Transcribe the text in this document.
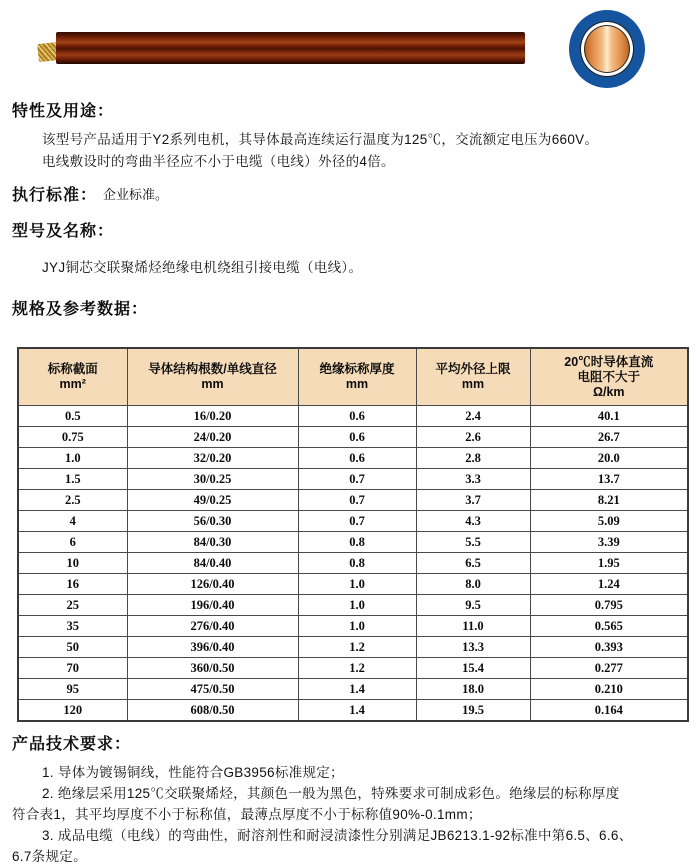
特性及用途：
该型号产品适用于Y2系列电机，其导体最高连续运行温度为125℃，交流额定电压为660V。
电线敷设时的弯曲半径应不小于电缆（电线）外径的4倍。
执行标准： 企业标准。
型号及名称：
JYJ铜芯交联聚烯烃绝缘电机绕组引接电缆（电线）。
规格及参考数据：
标称截面
mm²

导体结构根数/单线直径
mm

绝缘标称厚度
mm

平均外径上限
mm

20℃时导体直流
电阻不大于
Ω/km

0.5	16/0.20	0.6	2.4	40.1
0.75	24/0.20	0.6	2.6	26.7
1.0	32/0.20	0.6	2.8	20.0
1.5	30/0.25	0.7	3.3	13.7
2.5	49/0.25	0.7	3.7	8.21
4	56/0.30	0.7	4.3	5.09
6	84/0.30	0.8	5.5	3.39
10	84/0.40	0.8	6.5	1.95
16	126/0.40	1.0	8.0	1.24
25	196/0.40	1.0	9.5	0.795
35	276/0.40	1.0	11.0	0.565
50	396/0.40	1.2	13.3	0.393
70	360/0.50	1.2	15.4	0.277
95	475/0.50	1.4	18.0	0.210
120	608/0.50	1.4	19.5	0.164
产品技术要求：
1. 导体为镀锡铜线，性能符合GB3956标准规定；
2. 绝缘层采用125℃交联聚烯烃，其颜色一般为黑色，特殊要求可制成彩色。绝缘层的标称厚度
符合表1，其平均厚度不小于标称值，最薄点厚度不小于标称值90%-0.1mm；
3. 成品电缆（电线）的弯曲性，耐溶剂性和耐浸渍漆性分别满足JB6213.1-92标准中第6.5、6.6、
6.7条规定。
